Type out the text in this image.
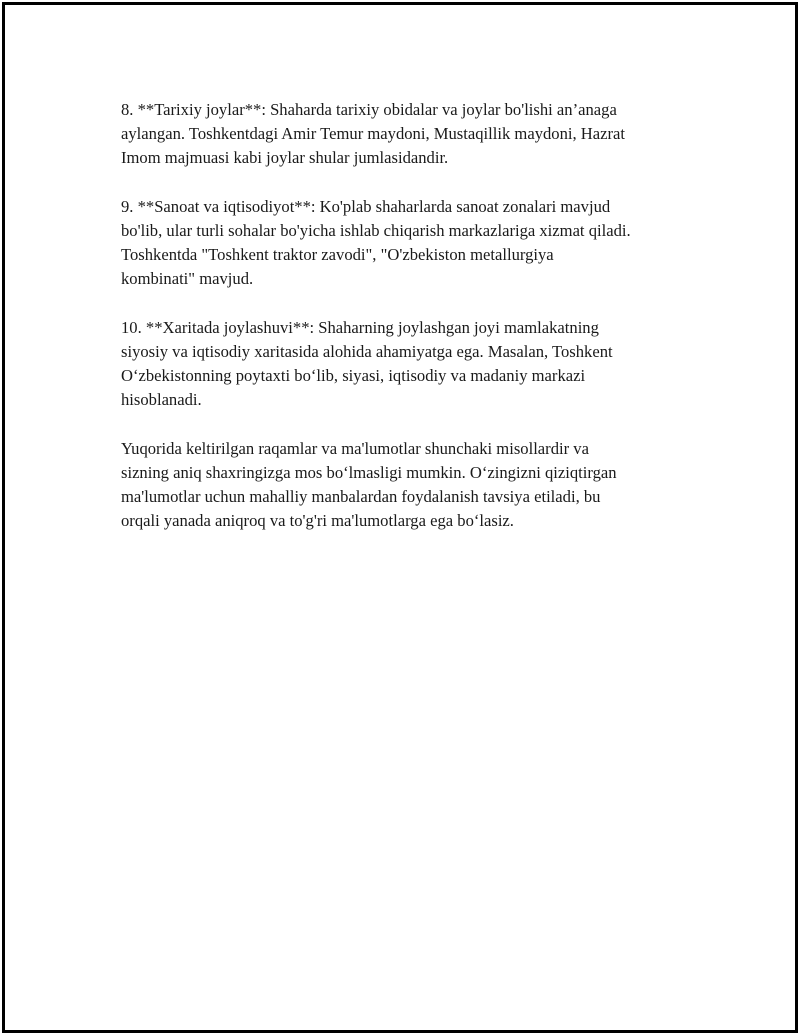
8. **Tarixiy joylar**: Shaharda tarixiy obidalar va joylar bo'lishi an’anaga
aylangan. Toshkentdagi Amir Temur maydoni, Mustaqillik maydoni, Hazrat
Imom majmuasi kabi joylar shular jumlasidandir.

9. **Sanoat va iqtisodiyot**: Ko'plab shaharlarda sanoat zonalari mavjud
bo'lib, ular turli sohalar bo'yicha ishlab chiqarish markazlariga xizmat qiladi.
Toshkentda "Toshkent traktor zavodi", "O'zbekiston metallurgiya
kombinati" mavjud.

10. **Xaritada joylashuvi**: Shaharning joylashgan joyi mamlakatning
siyosiy va iqtisodiy xaritasida alohida ahamiyatga ega. Masalan, Toshkent
O‘zbekistonning poytaxti bo‘lib, siyasi, iqtisodiy va madaniy markazi
hisoblanadi.

Yuqorida keltirilgan raqamlar va ma'lumotlar shunchaki misollardir va
sizning aniq shaxringizga mos bo‘lmasligi mumkin. O‘zingizni qiziqtirgan
ma'lumotlar uchun mahalliy manbalardan foydalanish tavsiya etiladi, bu
orqali yanada aniqroq va to'g'ri ma'lumotlarga ega bo‘lasiz.
